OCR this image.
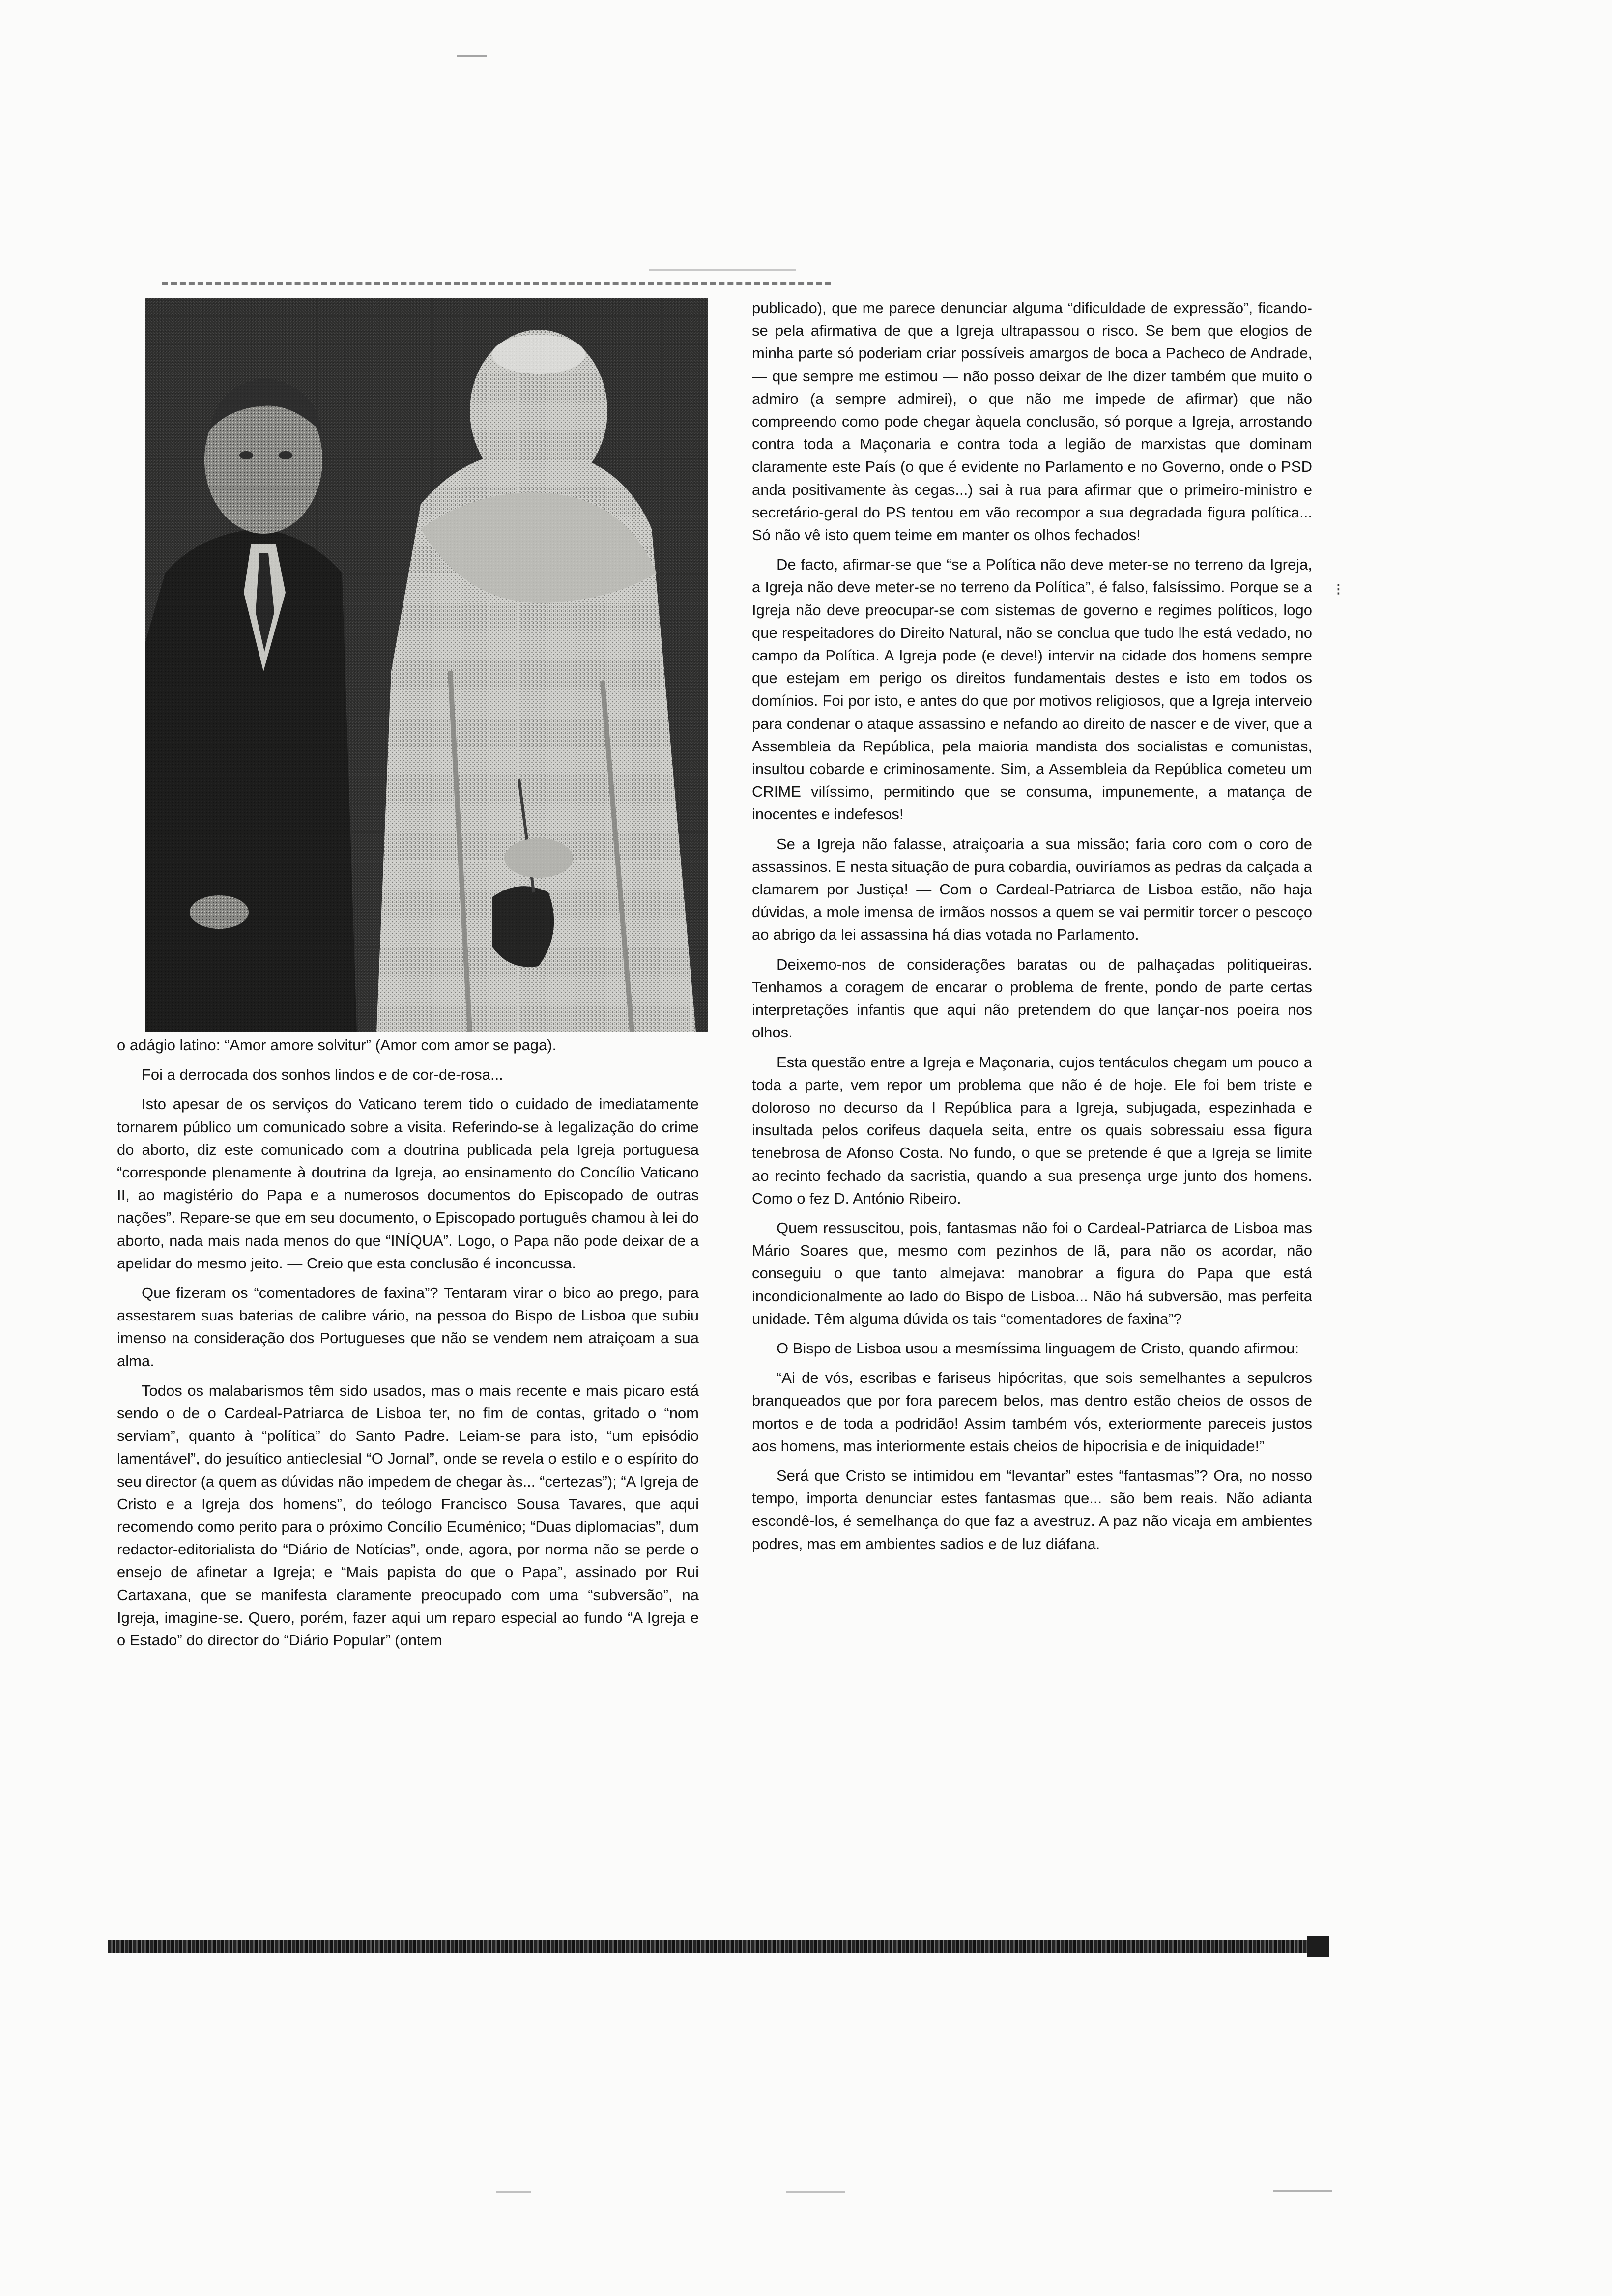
⁝

o adágio latino: “Amor amore solvitur” (Amor com amor se paga).

Foi a derrocada dos sonhos lindos e de cor-de-rosa...

Isto apesar de os serviços do Vaticano terem tido o cuidado de imediatamente tornarem público um comunicado sobre a visita. Referindo-se à legalização do crime do aborto, diz este comunicado com a doutrina publicada pela Igreja portuguesa “corresponde plenamente à doutrina da Igreja, ao ensinamento do Concílio Vaticano II, ao magistério do Papa e a numerosos documentos do Episcopado de outras nações”. Repare-se que em seu documento, o Episcopado português chamou à lei do aborto, nada mais nada menos do que “INÍQUA”. Logo, o Papa não pode deixar de a apelidar do mesmo jeito. — Creio que esta conclusão é inconcussa.

Que fizeram os “comentadores de faxina”? Tentaram virar o bico ao prego, para assestarem suas baterias de calibre vário, na pessoa do Bispo de Lisboa que subiu imenso na consideração dos Portugueses que não se vendem nem atraiçoam a sua alma.

Todos os malabarismos têm sido usados, mas o mais recente e mais picaro está sendo o de o Cardeal-Patriarca de Lisboa ter, no fim de contas, gritado o “nom serviam”, quanto à “política” do Santo Padre. Leiam-se para isto, “um episódio lamentável”, do jesuítico antieclesial “O Jornal”, onde se revela o estilo e o espírito do seu director (a quem as dúvidas não impedem de chegar às... “certezas”); “A Igreja de Cristo e a Igreja dos homens”, do teólogo Francisco Sousa Tavares, que aqui recomendo como perito para o próximo Concílio Ecuménico; “Duas diplomacias”, dum redactor-editorialista do “Diário de Notícias”, onde, agora, por norma não se perde o ensejo de afinetar a Igreja; e “Mais papista do que o Papa”, assinado por Rui Cartaxana, que se manifesta claramente preocupado com uma “subversão”, na Igreja, imagine-se. Quero, porém, fazer aqui um reparo especial ao fundo “A Igreja e o Estado” do director do “Diário Popular” (ontem

publicado), que me parece denunciar alguma “dificuldade de expressão”, ficando-se pela afirmativa de que a Igreja ultrapassou o risco. Se bem que elogios de minha parte só poderiam criar possíveis amargos de boca a Pacheco de Andrade, — que sempre me estimou — não posso deixar de lhe dizer também que muito o admiro (a sempre admirei), o que não me impede de afirmar) que não compreendo como pode chegar àquela conclusão, só porque a Igreja, arrostando contra toda a Maçonaria e contra toda a legião de marxistas que dominam claramente este País (o que é evidente no Parlamento e no Governo, onde o PSD anda positivamente às cegas...) sai à rua para afirmar que o primeiro-ministro e secretário-geral do PS tentou em vão recompor a sua degradada figura política... Só não vê isto quem teime em manter os olhos fechados!

De facto, afirmar-se que “se a Política não deve meter-se no terreno da Igreja, a Igreja não deve meter-se no terreno da Política”, é falso, falsíssimo. Porque se a Igreja não deve preocupar-se com sistemas de governo e regimes políticos, logo que respeitadores do Direito Natural, não se conclua que tudo lhe está vedado, no campo da Política. A Igreja pode (e deve!) intervir na cidade dos homens sempre que estejam em perigo os direitos fundamentais destes e isto em todos os domínios. Foi por isto, e antes do que por motivos religiosos, que a Igreja interveio para condenar o ataque assassino e nefando ao direito de nascer e de viver, que a Assembleia da República, pela maioria mandista dos socialistas e comunistas, insultou cobarde e criminosamente. Sim, a Assembleia da República cometeu um CRIME vilíssimo, permitindo que se consuma, impunemente, a matança de inocentes e indefesos!

Se a Igreja não falasse, atraiçoaria a sua missão; faria coro com o coro de assassinos. E nesta situação de pura cobardia, ouviríamos as pedras da calçada a clamarem por Justiça! — Com o Cardeal-Patriarca de Lisboa estão, não haja dúvidas, a mole imensa de irmãos nossos a quem se vai permitir torcer o pescoço ao abrigo da lei assassina há dias votada no Parlamento.

Deixemo-nos de considerações baratas ou de palhaçadas politiqueiras. Tenhamos a coragem de encarar o problema de frente, pondo de parte certas interpretações infantis que aqui não pretendem do que lançar-nos poeira nos olhos.

Esta questão entre a Igreja e Maçonaria, cujos tentáculos chegam um pouco a toda a parte, vem repor um problema que não é de hoje. Ele foi bem triste e doloroso no decurso da I República para a Igreja, subjugada, espezinhada e insultada pelos corifeus daquela seita, entre os quais sobressaiu essa figura tenebrosa de Afonso Costa. No fundo, o que se pretende é que a Igreja se limite ao recinto fechado da sacristia, quando a sua presença urge junto dos homens. Como o fez D. António Ribeiro.

Quem ressuscitou, pois, fantasmas não foi o Cardeal-Patriarca de Lisboa mas Mário Soares que, mesmo com pezinhos de lã, para não os acordar, não conseguiu o que tanto almejava: manobrar a figura do Papa que está incondicionalmente ao lado do Bispo de Lisboa... Não há subversão, mas perfeita unidade. Têm alguma dúvida os tais “comentadores de faxina”?

O Bispo de Lisboa usou a mesmíssima linguagem de Cristo, quando afirmou:

“Ai de vós, escribas e fariseus hipócritas, que sois semelhantes a sepulcros branqueados que por fora parecem belos, mas dentro estão cheios de ossos de mortos e de toda a podridão! Assim também vós, exteriormente pareceis justos aos homens, mas interiormente estais cheios de hipocrisia e de iniquidade!”

Será que Cristo se intimidou em “levantar” estes “fantasmas”? Ora, no nosso tempo, importa denunciar estes fantasmas que... são bem reais. Não adianta escondê-los, é semelhança do que faz a avestruz. A paz não vicaja em ambientes podres, mas em ambientes sadios e de luz diáfana.
